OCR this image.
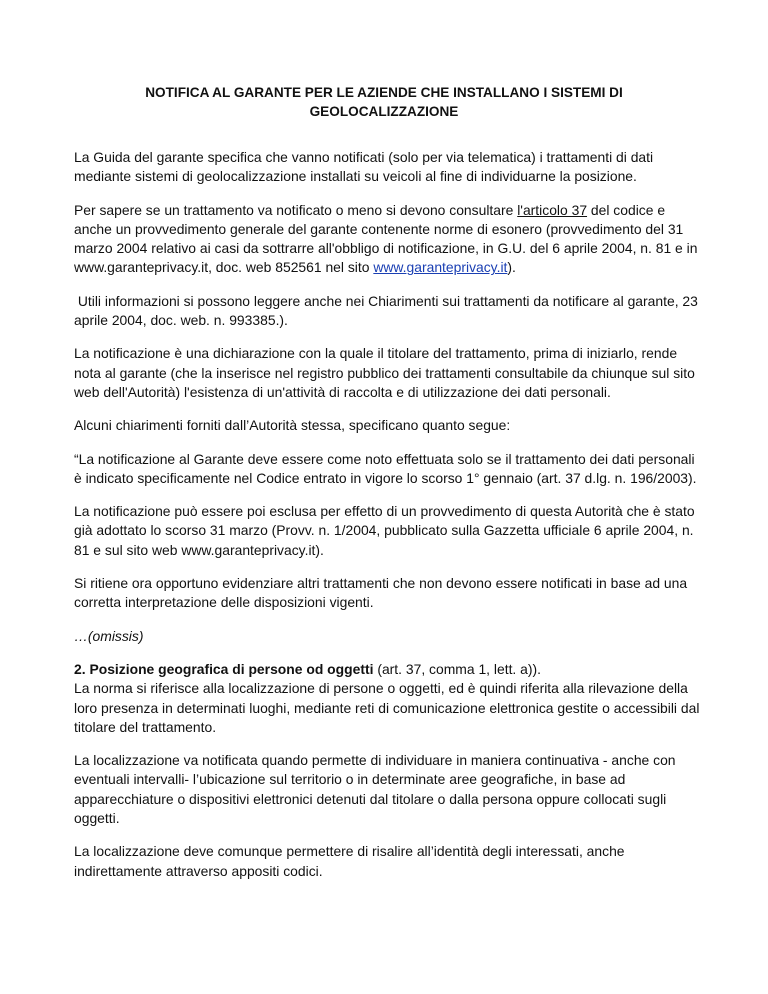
NOTIFICA AL GARANTE PER LE AZIENDE CHE INSTALLANO I SISTEMI DI
GEOLOCALIZZAZIONE

La Guida del garante specifica che vanno notificati (solo per via telematica) i trattamenti di dati mediante sistemi di geolocalizzazione installati su veicoli al fine di individuarne la posizione.

Per sapere se un trattamento va notificato o meno si devono consultare l'articolo 37 del codice e anche un provvedimento generale del garante contenente norme di esonero (provvedimento del 31 marzo 2004 relativo ai casi da sottrarre all'obbligo di notificazione, in G.U. del 6 aprile 2004, n. 81 e in www.garanteprivacy.it, doc. web 852561 nel sito www.garanteprivacy.it).

Utili informazioni si possono leggere anche nei Chiarimenti sui trattamenti da notificare al garante, 23 aprile 2004, doc. web. n. 993385.).

La notificazione è una dichiarazione con la quale il titolare del trattamento, prima di iniziarlo, rende nota al garante (che la inserisce nel registro pubblico dei trattamenti consultabile da chiunque sul sito web dell'Autorità) l'esistenza di un'attività di raccolta e di utilizzazione dei dati personali.

Alcuni chiarimenti forniti dall’Autorità stessa, specificano quanto segue:

“La notificazione al Garante deve essere come noto effettuata solo se il trattamento dei dati personali è indicato specificamente nel Codice entrato in vigore lo scorso 1° gennaio (art. 37 d.lg. n. 196/2003).

La notificazione può essere poi esclusa per effetto di un provvedimento di questa Autorità che è stato già adottato lo scorso 31 marzo (Provv. n. 1/2004, pubblicato sulla Gazzetta ufficiale 6 aprile 2004, n. 81 e sul sito web www.garanteprivacy.it).

Si ritiene ora opportuno evidenziare altri trattamenti che non devono essere notificati in base ad una corretta interpretazione delle disposizioni vigenti.

…(omissis)

2. Posizione geografica di persone od oggetti (art. 37, comma 1, lett. a)).
La norma si riferisce alla localizzazione di persone o oggetti, ed è quindi riferita alla rilevazione della loro presenza in determinati luoghi, mediante reti di comunicazione elettronica gestite o accessibili dal titolare del trattamento.

La localizzazione va notificata quando permette di individuare in maniera continuativa - anche con eventuali intervalli- l’ubicazione sul territorio o in determinate aree geografiche, in base ad apparecchiature o dispositivi elettronici detenuti dal titolare o dalla persona oppure collocati sugli oggetti.

La localizzazione deve comunque permettere di risalire all’identità degli interessati, anche indirettamente attraverso appositi codici.
